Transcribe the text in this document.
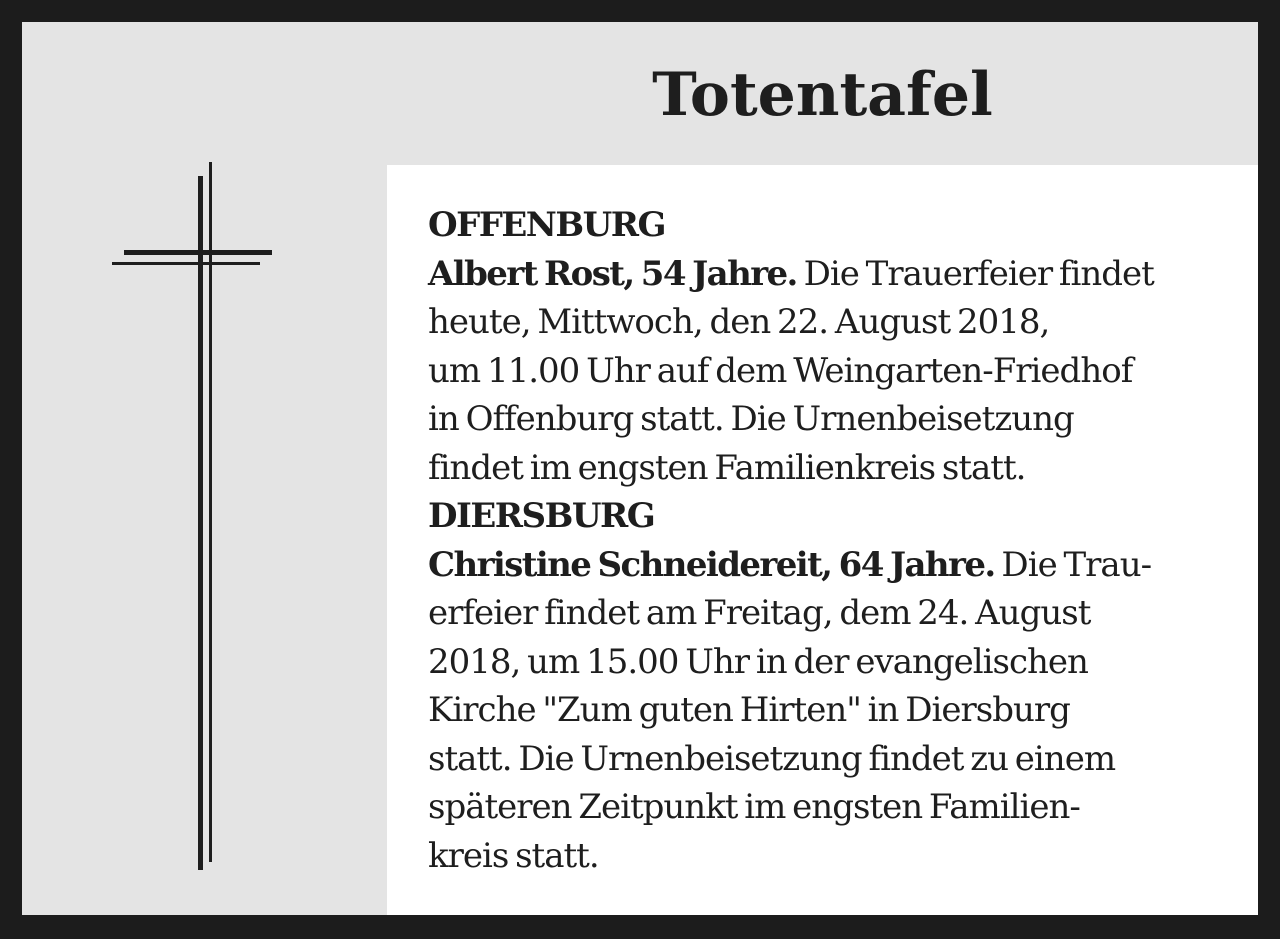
Totentafel
OFFENBURG
Albert Rost, 54 Jahre. Die Trauerfeier findet
heute, Mittwoch, den 22. August 2018,
um 11.00 Uhr auf dem Weingarten-Friedhof
in Offenburg statt. Die Urnenbeisetzung
findet im engsten Familienkreis statt.
DIERSBURG
Christine Schneidereit, 64 Jahre. Die Trau-
erfeier findet am Freitag, dem 24. August
2018, um 15.00 Uhr in der evangelischen
Kirche "Zum guten Hirten" in Diersburg
statt. Die Urnenbeisetzung findet zu einem
späteren Zeitpunkt im engsten Familien-
kreis statt.
